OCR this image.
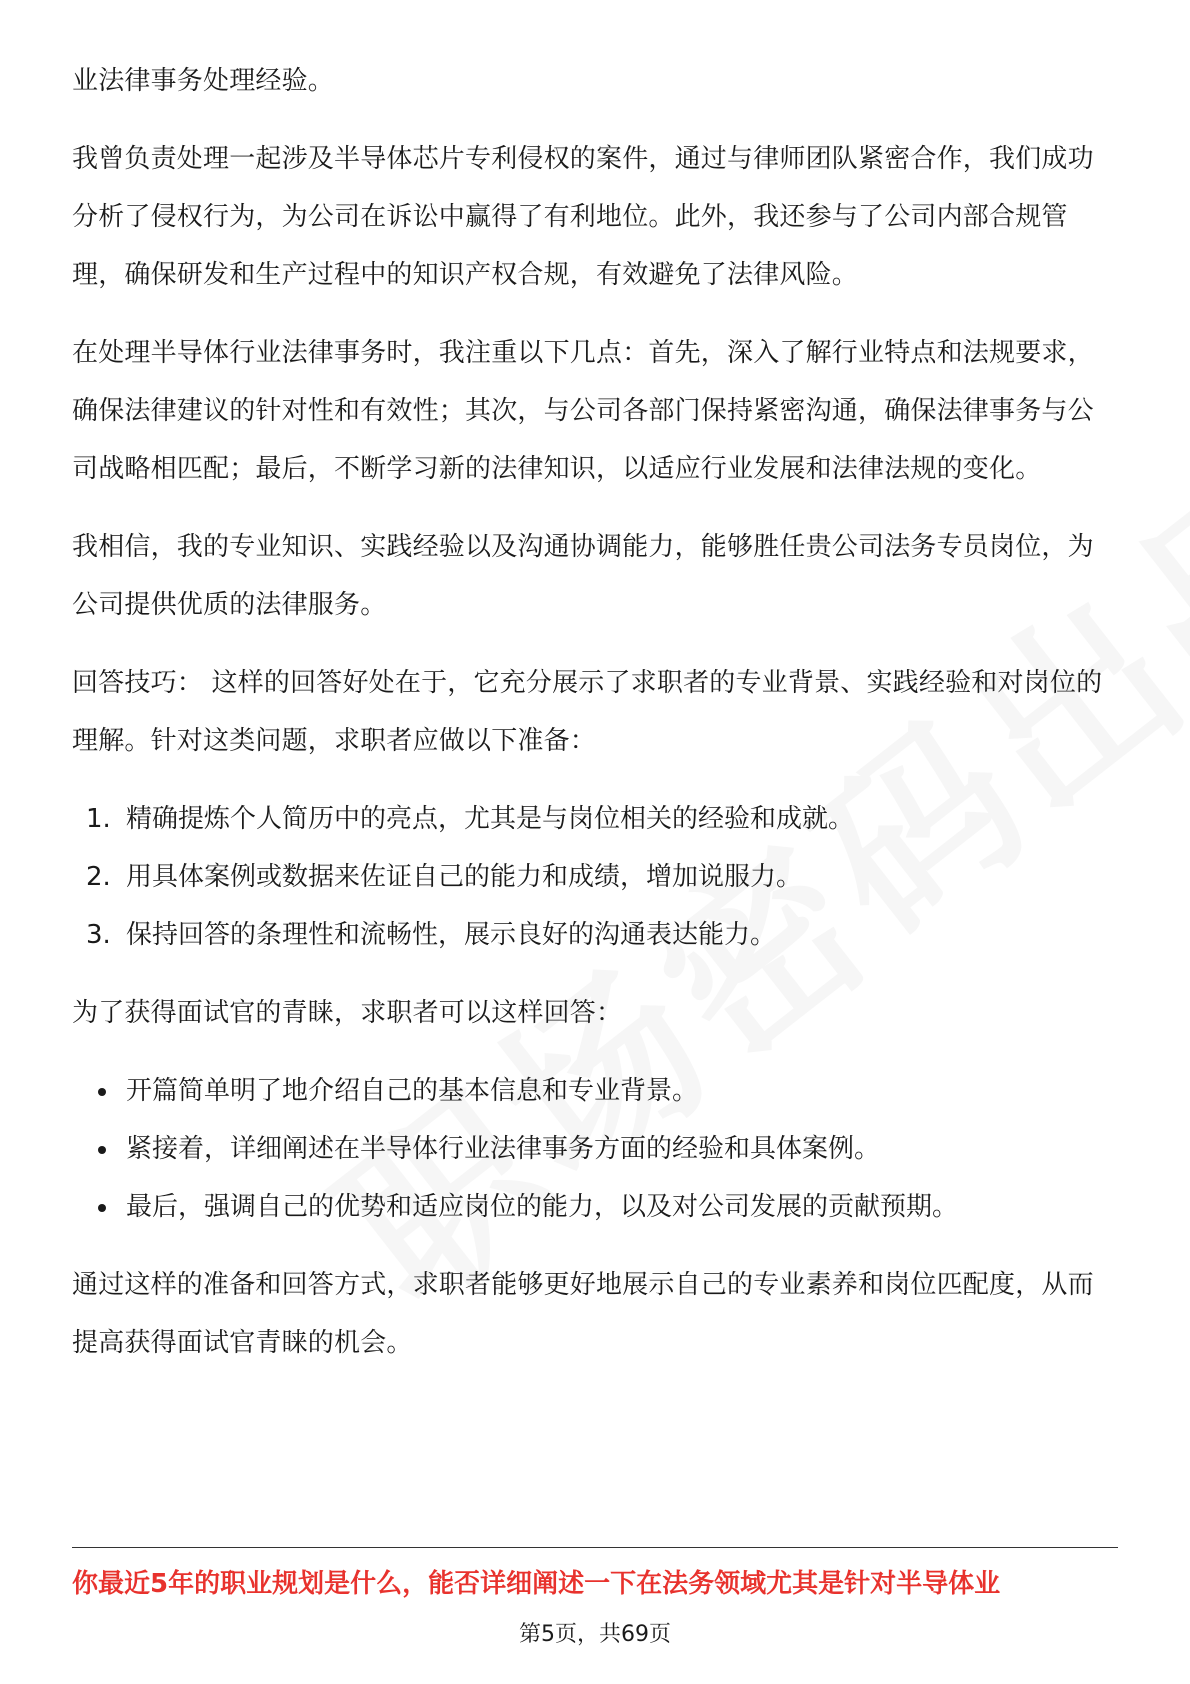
业法律事务处理经验。

我曾负责处理一起涉及半导体芯片专利侵权的案件，通过与律师团队紧密合作，我们成功分析了侵权行为，为公司在诉讼中赢得了有利地位。此外，我还参与了公司内部合规管理，确保研发和生产过程中的知识产权合规，有效避免了法律风险。

在处理半导体行业法律事务时，我注重以下几点：首先，深入了解行业特点和法规要求，确保法律建议的针对性和有效性；其次，与公司各部门保持紧密沟通，确保法律事务与公司战略相匹配；最后，不断学习新的法律知识，以适应行业发展和法律法规的变化。

我相信，我的专业知识、实践经验以及沟通协调能力，能够胜任贵公司法务专员岗位，为公司提供优质的法律服务。

回答技巧： 这样的回答好处在于，它充分展示了求职者的专业背景、实践经验和对岗位的理解。针对这类问题，求职者应做以下准备：

1. 精确提炼个人简历中的亮点，尤其是与岗位相关的经验和成就。
2. 用具体案例或数据来佐证自己的能力和成绩，增加说服力。
3. 保持回答的条理性和流畅性，展示良好的沟通表达能力。

为了获得面试官的青睐，求职者可以这样回答：

开篇简单明了地介绍自己的基本信息和专业背景。
紧接着，详细阐述在半导体行业法律事务方面的经验和具体案例。
最后，强调自己的优势和适应岗位的能力，以及对公司发展的贡献预期。

通过这样的准备和回答方式，求职者能够更好地展示自己的专业素养和岗位匹配度，从而提高获得面试官青睐的机会。

你最近5年的职业规划是什么，能否详细阐述一下在法务领域尤其是针对半导体业
第5页，共69页
